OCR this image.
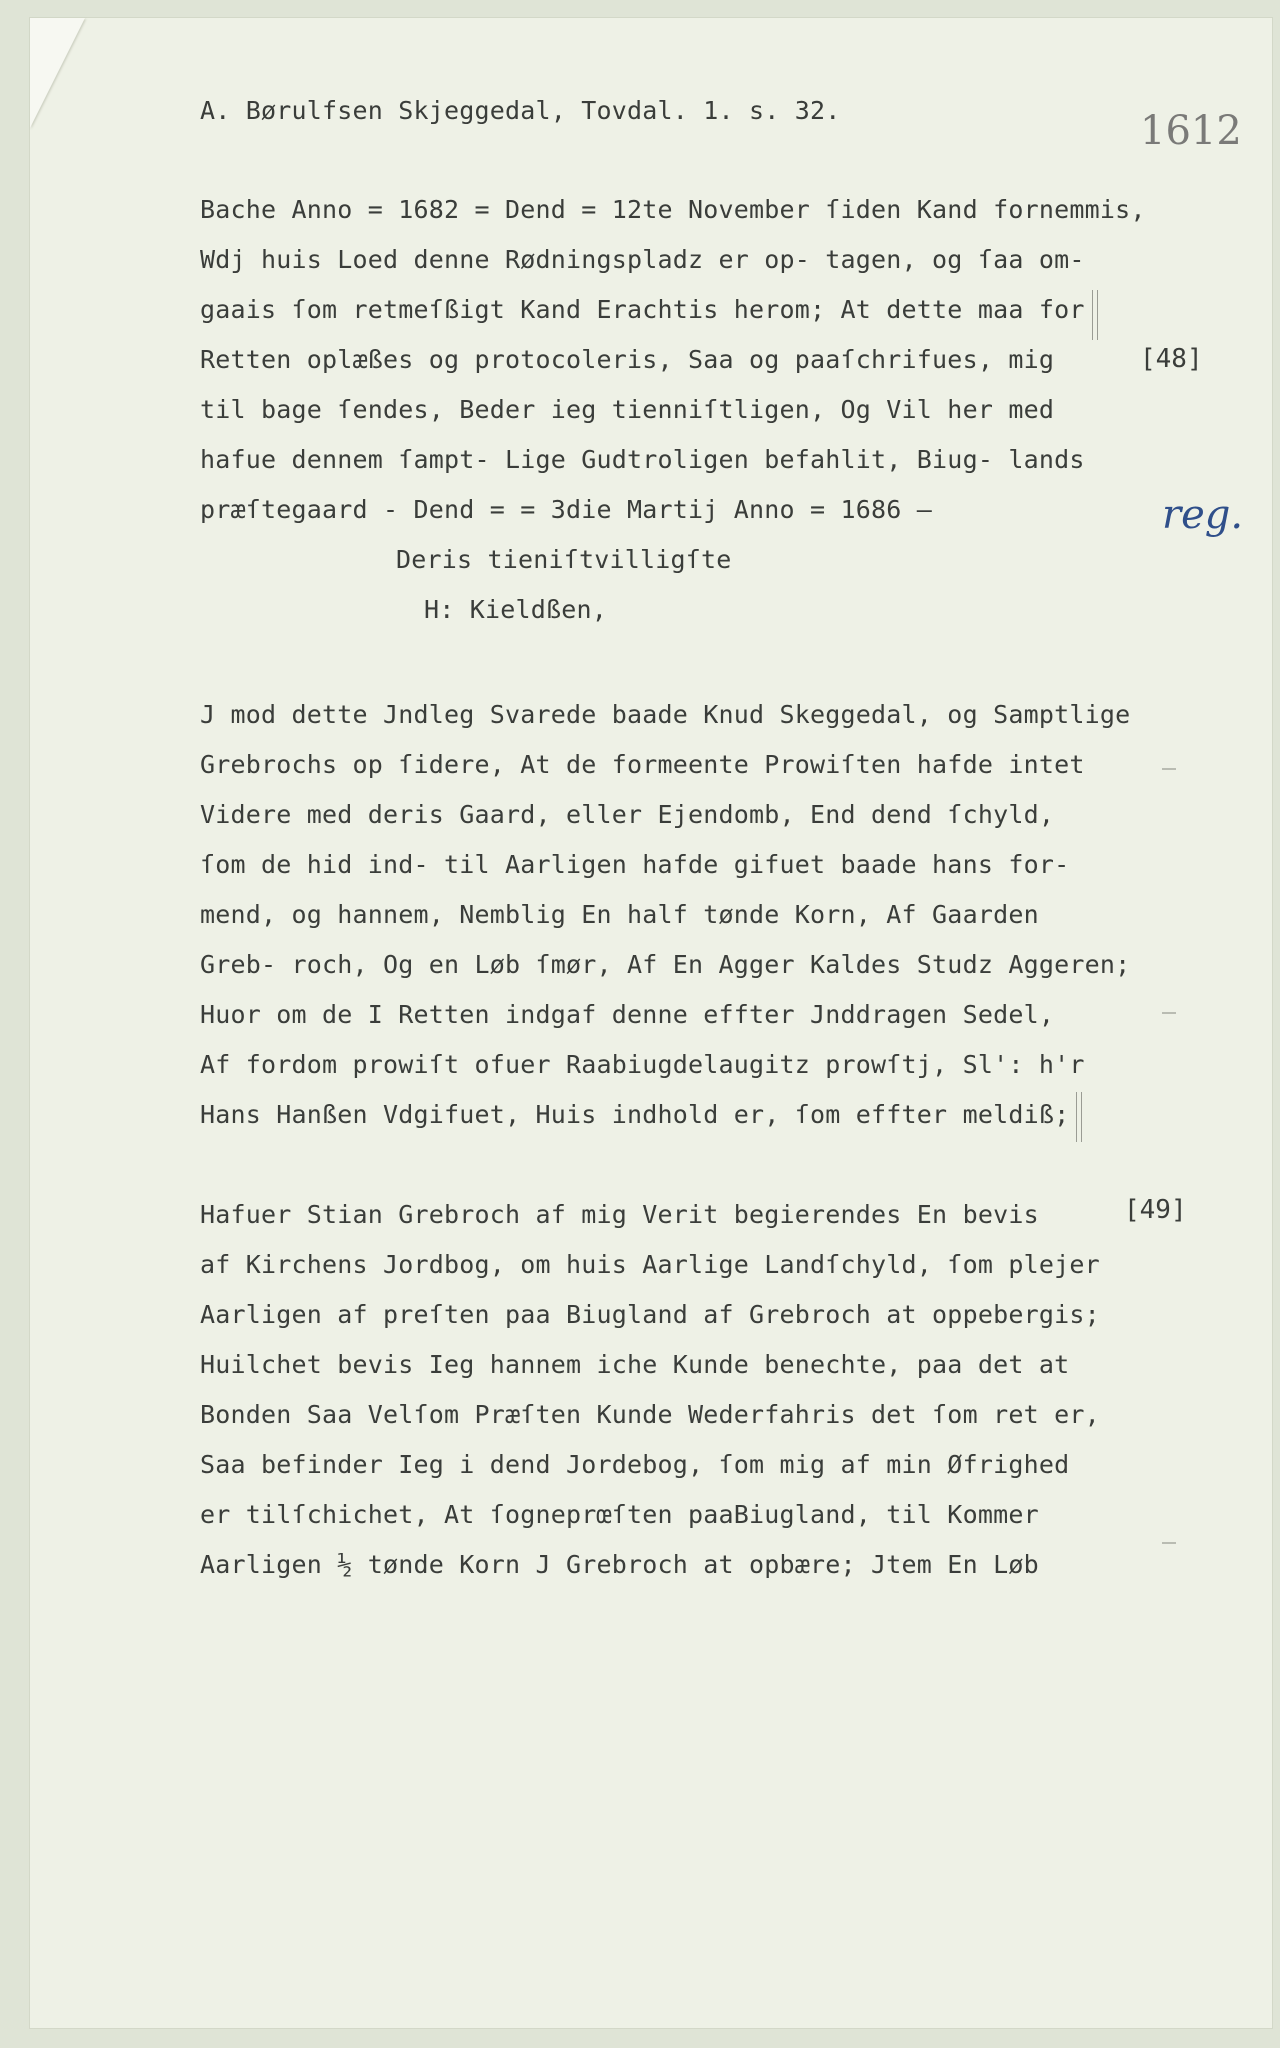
A. Børulfsen Skjeggedal, Tovdal. 1. s. 32.	1612
Bache Anno = 1682 = Dend = 12te November ſiden Kand fornemmis,
Wdj huis Loed denne Rødningspladz er op- tagen, og ſaa om-
gaais ſom retmeſßigt Kand Erachtis herom; At dette maa for
Retten oplæßes og protocoleris, Saa og paaſchrifues, mig
til bage ſendes, Beder ieg tienniſtligen, Og Vil her med
hafue dennem ſampt- Lige Gudtroligen befahlit, Biug- lands
præſtegaard - Dend = = 3die Martij Anno = 1686 —
Deris tieniſtvilligſte
H: Kieldßen,
J mod dette Jndleg Svarede baade Knud Skeggedal, og Samptlige
Grebrochs op ſidere, At de formeente Prowiſten hafde intet
Videre med deris Gaard, eller Ejendomb, End dend ſchyld,
ſom de hid ind- til Aarligen hafde gifuet baade hans for-
mend, og hannem, Nemblig En half tønde Korn, Af Gaarden
Greb- roch, Og en Løb ſmør, Af En Agger Kaldes Studz Aggeren;
Huor om de I Retten indgaf denne effter Jnddragen Sedel,
Af fordom prowiſt ofuer Raabiugdelaugitz prowſtj, Sl': h'r
Hans Hanßen Vdgifuet, Huis indhold er, ſom effter meldiß;
Hafuer Stian Grebroch af mig Verit begierendes En bevis
af Kirchens Jordbog, om huis Aarlige Landſchyld, ſom plejer
Aarligen af preſten paa Biugland af Grebroch at oppebergis;
Huilchet bevis Ieg hannem iche Kunde benechte, paa det at
Bonden Saa Velſom Præſten Kunde Wederfahris det ſom ret er,
Saa befinder Ieg i dend Jordebog, ſom mig af min Øfrighed
er tilſchichet, At ſogneprœſten paaBiugland, til Kommer
Aarligen ½ tønde Korn J Grebroch at opbære; Jtem En Løb
[48]
[49]
reg.
